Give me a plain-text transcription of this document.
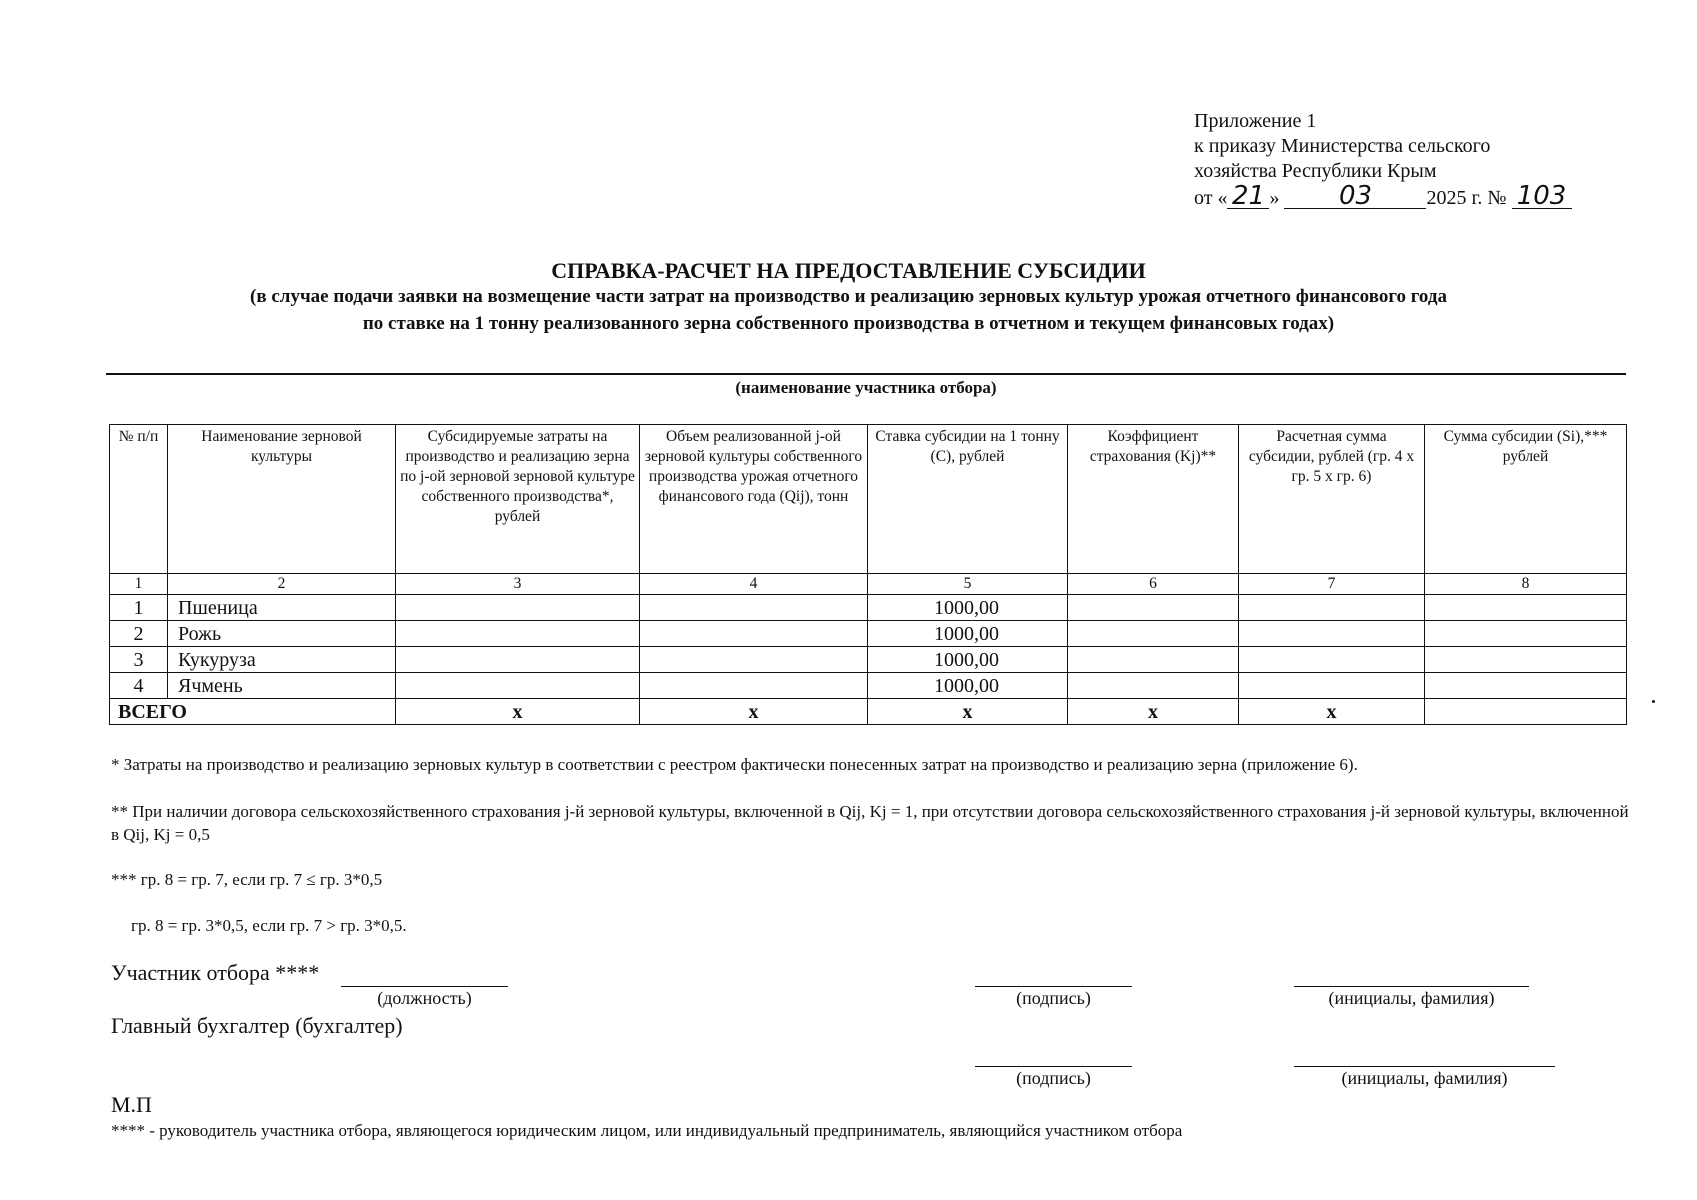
Приложение 1
к приказу Министерства сельского
хозяйства Республики Крым
от « 21 » 03	2025 г. № 103
СПРАВКА-РАСЧЕТ НА ПРЕДОСТАВЛЕНИЕ СУБСИДИИ
(в случае подачи заявки на возмещение части затрат на производство и реализацию зерновых культур урожая отчетного финансового года
по ставке на 1 тонну реализованного зерна собственного производства в отчетном и текущем финансовых годах)
(наименование участника отбора)
№ п/п	Наименование зерновой культуры	Субсидируемые затраты на производство и реализацию зерна по j-ой зерновой зерновой культуре собственного производства*, рублей	Объем реализованной j-ой зерновой культуры собственного производства урожая отчетного финансового года (Qij), тонн	Ставка субсидии на 1 тонну (С), рублей	Коэффициент страхования (Kj)**	Расчетная сумма субсидии, рублей (гр. 4 х гр. 5 х гр. 6)	Сумма субсидии (Si),*** рублей
1	2	3	4	5	6	7	8
1	Пшеница			1000,00			
2	Рожь			1000,00			
3	Кукуруза			1000,00			
4	Ячмень			1000,00			
ВСЕГО		х	х	х	х	х	
* Затраты на производство и реализацию зерновых культур в соответствии с реестром фактически понесенных затрат на производство и реализацию зерна (приложение 6).
** При наличии договора сельскохозяйственного страхования j-й зерновой культуры, включенной в Qij, Kj = 1, при отсутствии договора сельскохозяйственного страхования j-й зерновой культуры, включенной в Qij, Kj = 0,5
*** гр. 8 = гр. 7, если гр. 7 ≤ гр. 3*0,5
гр. 8 = гр. 3*0,5, если гр. 7 > гр. 3*0,5.
Участник отбора ****
(должность)	(подпись)	(инициалы, фамилия)
Главный бухгалтер (бухгалтер)
(подпись)	(инициалы, фамилия)
М.П
**** - руководитель участника отбора, являющегося юридическим лицом, или индивидуальный предприниматель, являющийся участником отбора
